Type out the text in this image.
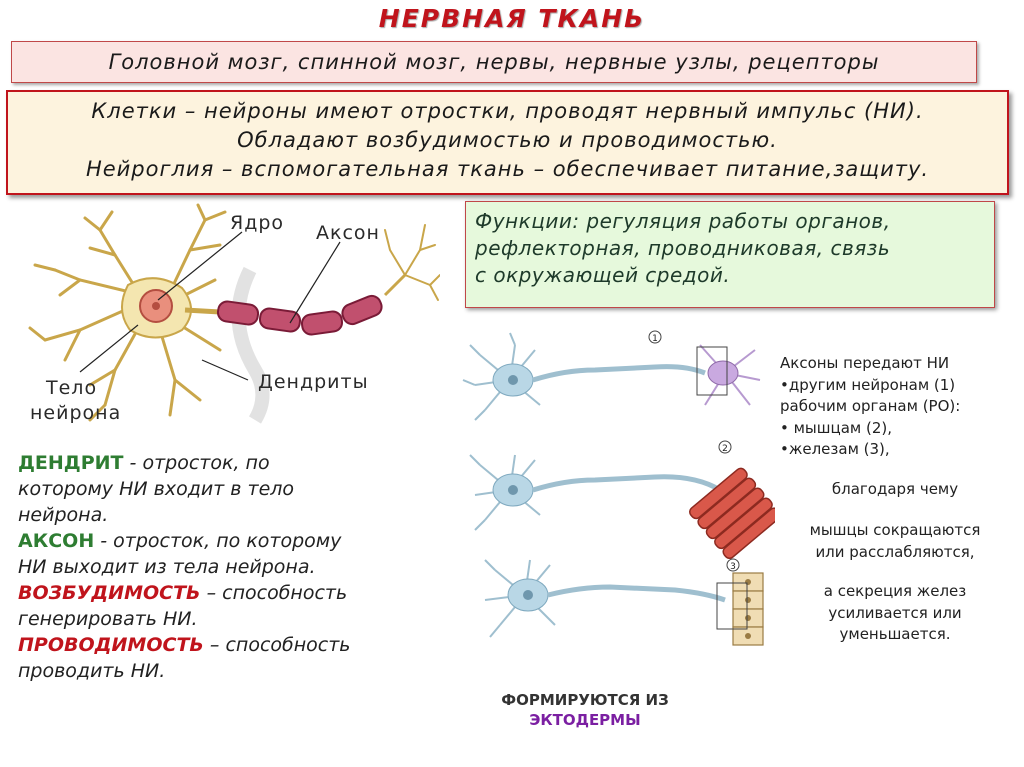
НЕРВНАЯ ТКАНЬ
Головной мозг, спинной мозг, нервы, нервные узлы, рецепторы
Клетки – нейроны имеют отростки, проводят нервный импульс (НИ).
Обладают возбудимостью и проводимостью.
Нейроглия – вспомогательная ткань – обеспечивает питание,защиту.
Ядро Аксон
Дендриты
Тело
нейрона
Функции: регуляция работы органов,
рефлекторная, проводниковая, связь
с окружающей средой.
1
2
3
Аксоны передают НИ
•другим нейронам (1)
рабочим органам (РО):
• мышцам (2),
•железам (3),
благодаря чему
мышцы сокращаются
или расслабляются,
а секреция желез
усиливается или
уменьшается.
ДЕНДРИТ - отросток, по
которому НИ входит в тело
нейрона.
АКСОН - отросток, по которому
НИ выходит из тела нейрона.
ВОЗБУДИМОСТЬ – способность
генерировать НИ.
ПРОВОДИМОСТЬ – способность
проводить НИ.
ФОРМИРУЮТСЯ ИЗ
ЭКТОДЕРМЫ
